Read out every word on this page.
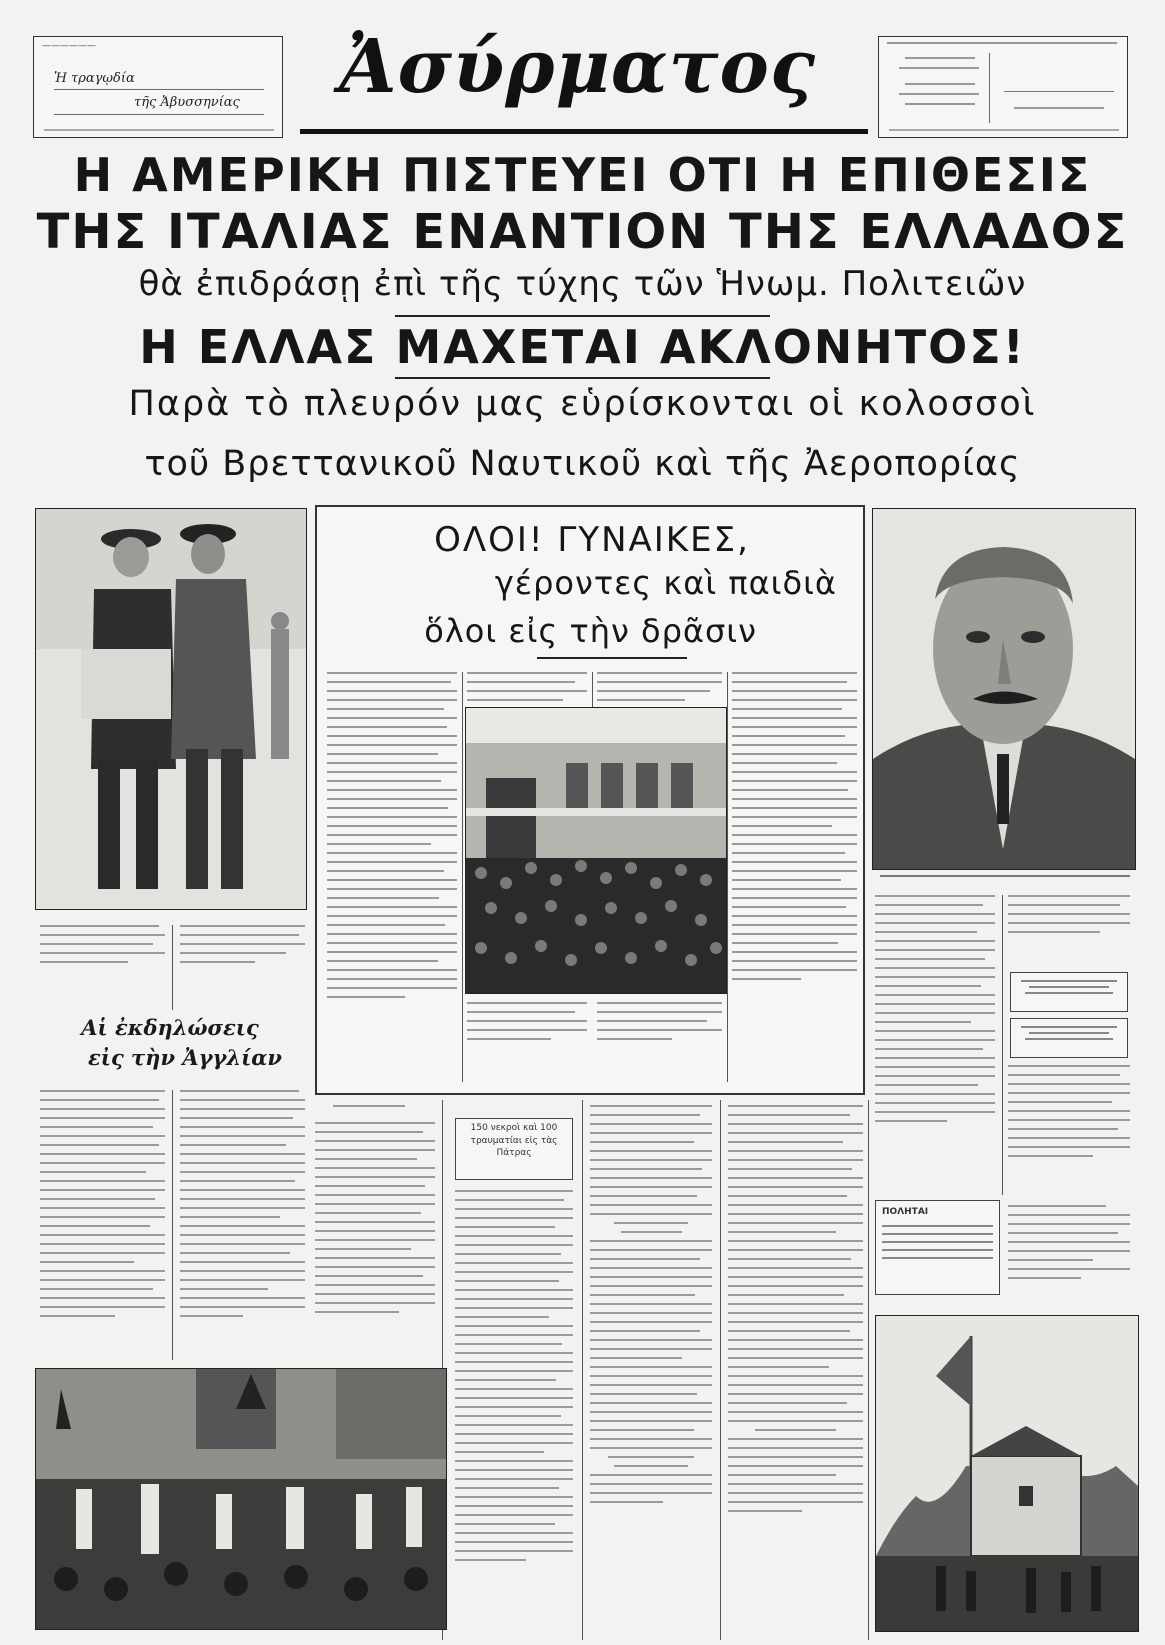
——————
Ἡ τραγῳδία
τῆς Ἀβυσσηνίας	Ἀσύρματος
Η ΑΜΕΡΙΚΗ ΠΙΣΤΕΥΕΙ ΟΤΙ Η ΕΠΙΘΕΣΙΣ
ΤΗΣ ΙΤΑΛΙΑΣ ΕΝΑΝΤΙΟΝ ΤΗΣ ΕΛΛΑΔΟΣ
θὰ ἐπιδράσῃ ἐπὶ τῆς τύχης τῶν Ἡνωμ. Πολιτειῶν
Η ΕΛΛΑΣ ΜΑΧΕΤΑΙ ΑΚΛΟΝΗΤΟΣ!
Παρὰ τὸ πλευρόν μας εὑρίσκονται οἱ κολοσσοὶ
τοῦ Βρεττανικοῦ Ναυτικοῦ καὶ τῆς Ἀεροπορίας
Αἱ ἐκδηλώσεις
εἰς τὴν Ἀγγλίαν
ΟΛΟΙ! ΓΥΝΑΙΚΕΣ,
γέροντες καὶ παιδιὰ
ὅλοι εἰς τὴν δρᾶσιν
ΠΟΛΗΤΑΙ
150 νεκροὶ καὶ 100 τραυματίαι εἰς τὰς Πάτρας
